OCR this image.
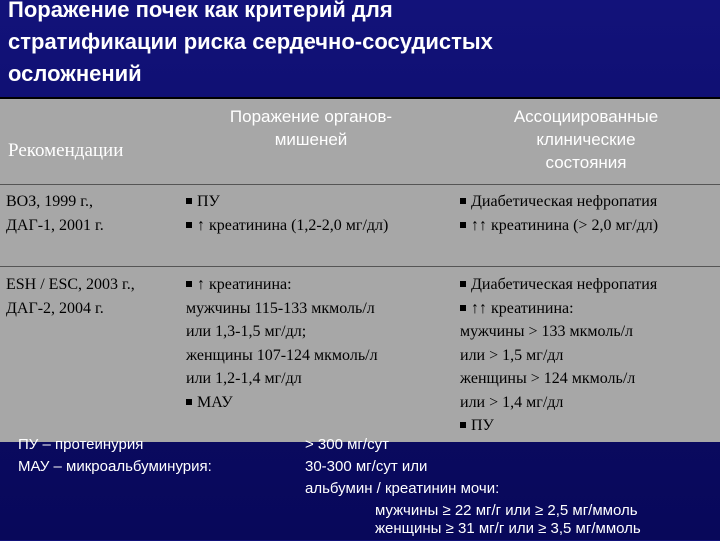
Поражение почек как критерий для
стратификации риска сердечно-сосудистых
осложнений
Рекомендации
Поражение органов-
мишеней
Ассоциированные
клинические
состояния
ВОЗ, 1999 г.,
ДАГ-1, 2001 г.
ПУ
↑ креатинина (1,2-2,0 мг/дл)
Диабетическая нефропатия
↑↑ креатинина (> 2,0 мг/дл)
ESH / ESC, 2003 г.,
ДАГ-2, 2004 г.
↑ креатинина:
мужчины 115-133 мкмоль/л
или 1,3-1,5 мг/дл;
женщины 107-124 мкмоль/л
или 1,2-1,4 мг/дл
МАУ
Диабетическая нефропатия
↑↑ креатинина:
мужчины > 133 мкмоль/л
или > 1,5 мг/дл
женщины > 124 мкмоль/л
или > 1,4 мг/дл
ПУ
ПУ – протеинурия	> 300 мг/сут
МАУ – микроальбуминурия:	30-300 мг/сут или
альбумин / креатинин мочи:
мужчины ≥ 22 мг/г или ≥ 2,5 мг/ммоль
женщины ≥ 31 мг/г или ≥ 3,5 мг/ммоль
